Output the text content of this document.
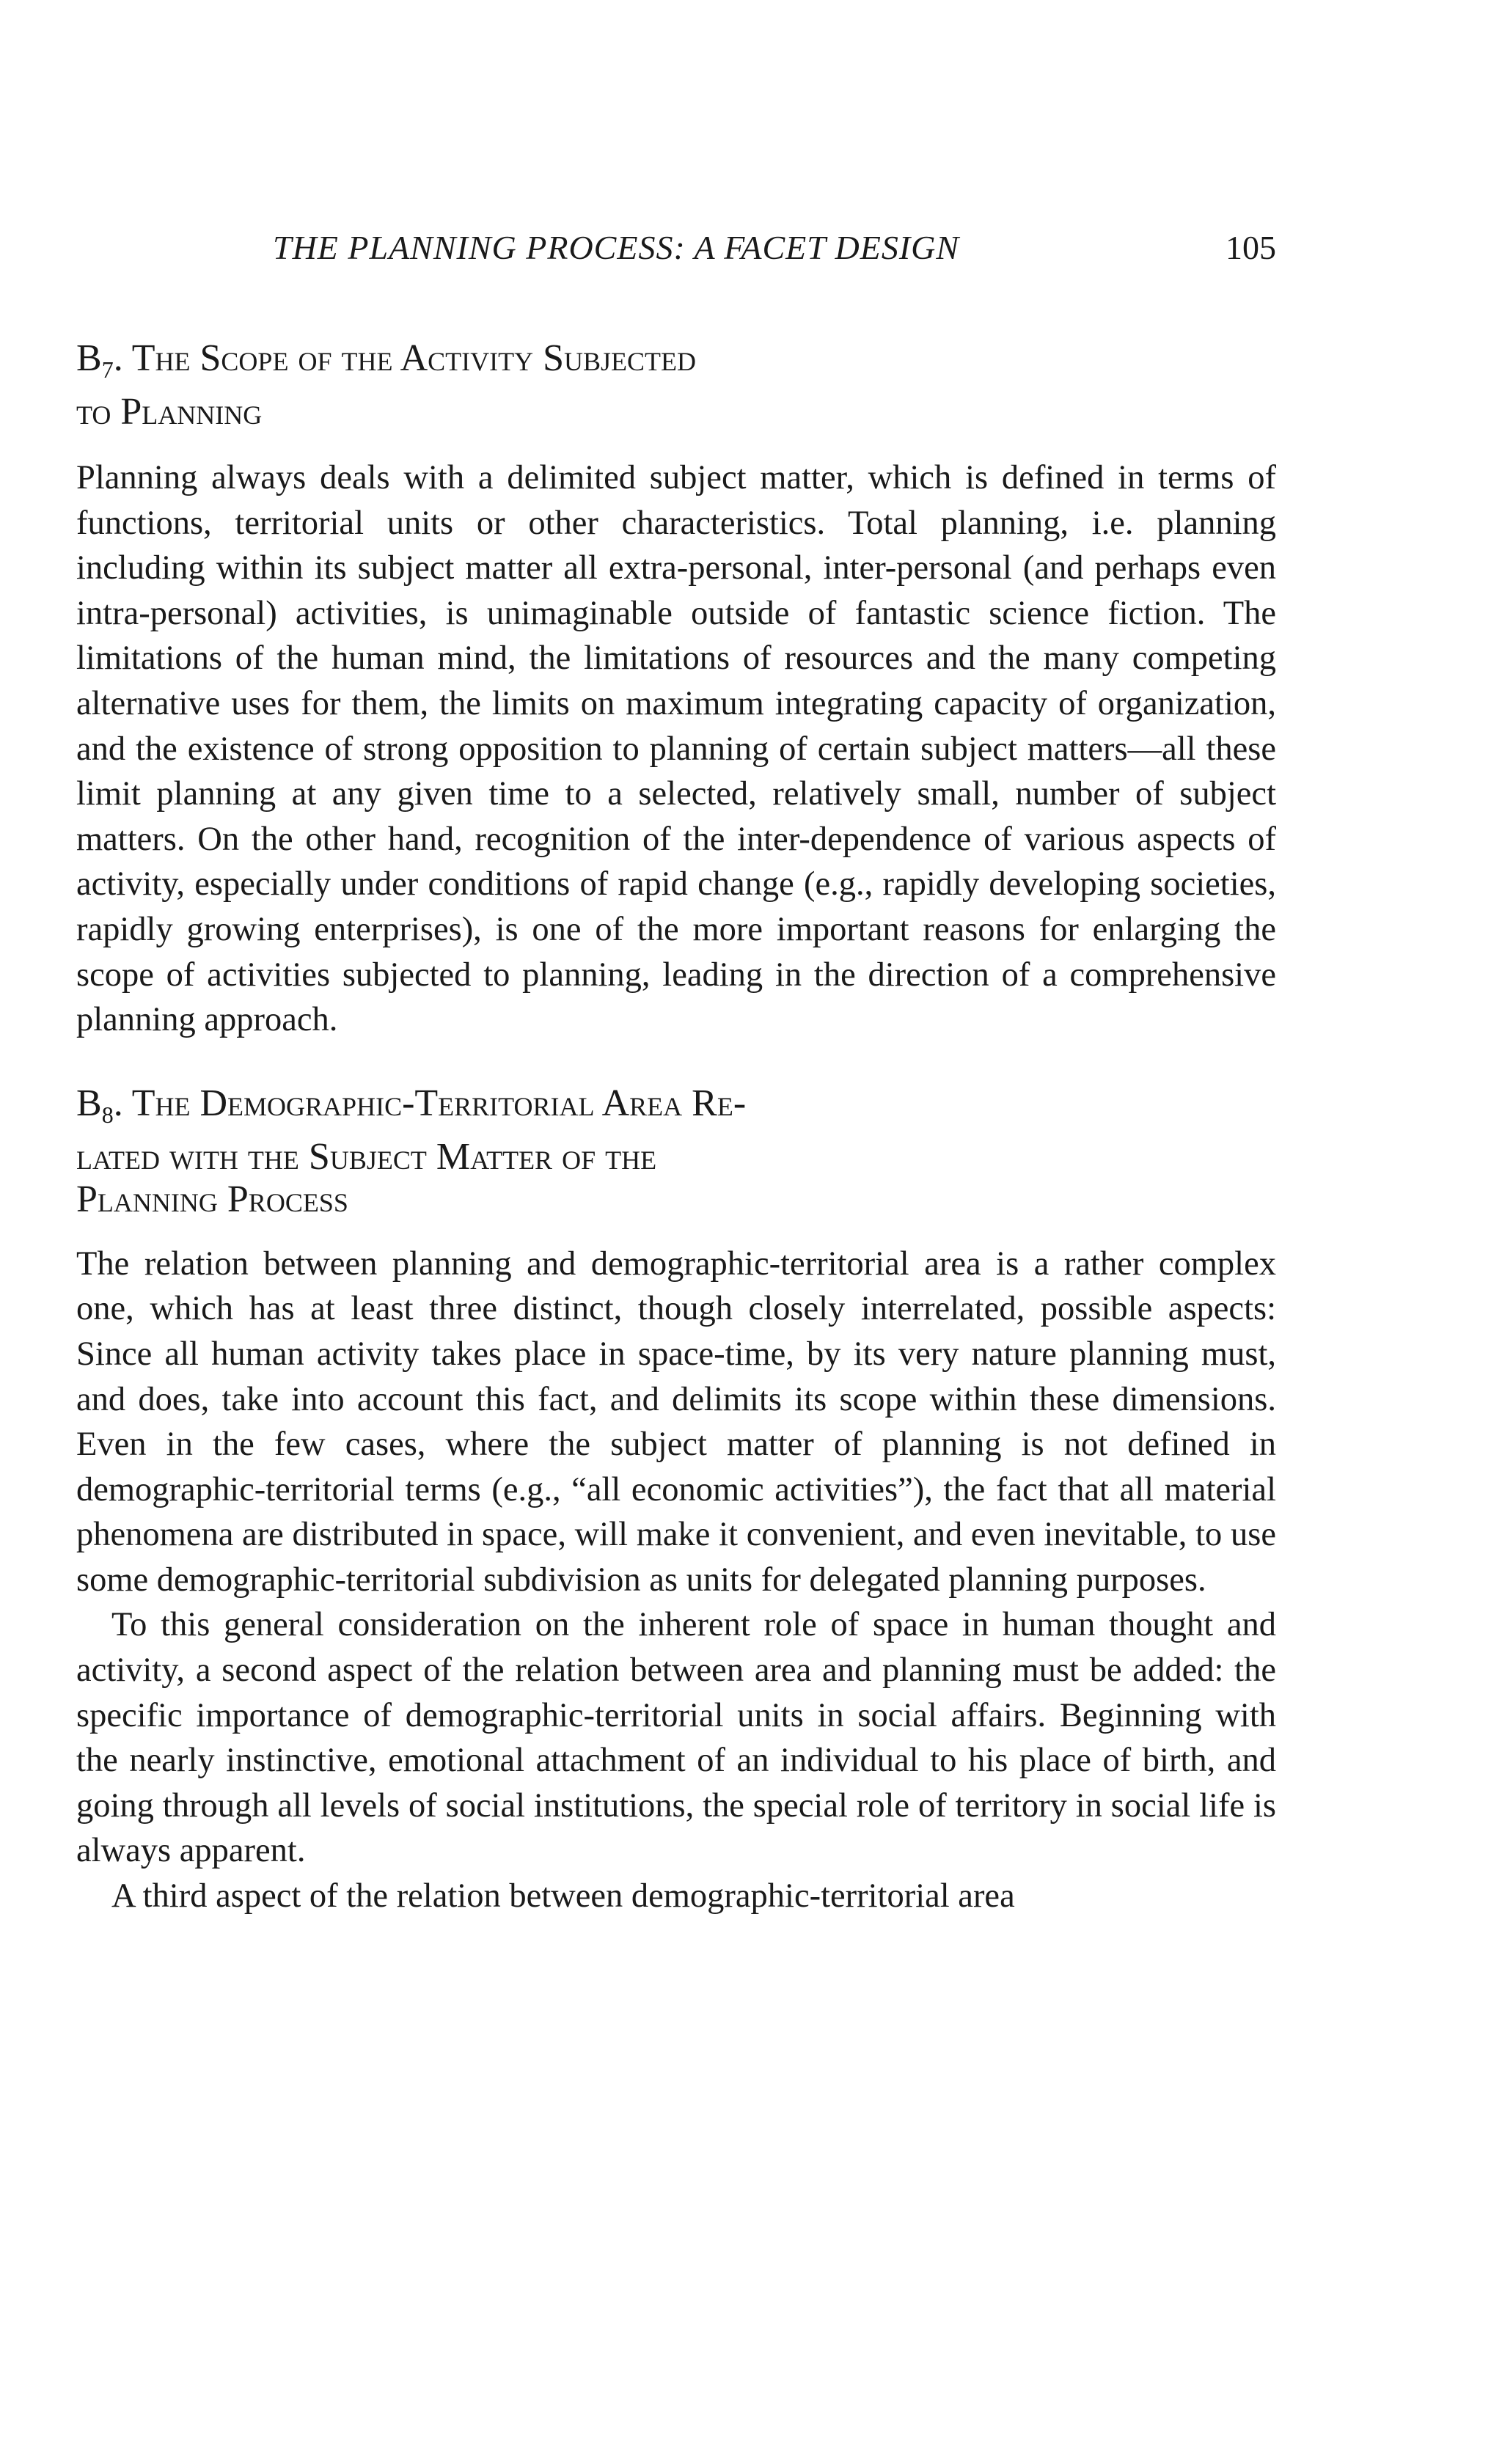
THE PLANNING PROCESS: A FACET DESIGN	105
$B_7$. The Scope of the Activity Subjected
to Planning

Planning always deals with a delimited subject matter, which is defined in terms of functions, territorial units or other characteristics. Total planning, i.e. planning including within its subject matter all extra-personal, inter-personal (and perhaps even intra-personal) activities, is unimaginable outside of fantastic science fiction. The limitations of the human mind, the limitations of resources and the many competing alternative uses for them, the limits on maximum integrating capacity of organization, and the existence of strong opposition to planning of certain subject matters—all these limit planning at any given time to a selected, relatively small, number of subject matters. On the other hand, recognition of the inter-dependence of various aspects of activity, especially under conditions of rapid change (e.g., rapidly developing societies, rapidly growing enterprises), is one of the more important reasons for enlarging the scope of activities subjected to planning, leading in the direction of a comprehensive planning approach.

$B_8$. The Demographic-Territorial Area Re-
lated with the Subject Matter of the
Planning Process

The relation between planning and demographic-territorial area is a rather complex one, which has at least three distinct, though closely interrelated, possible aspects: Since all human activity takes place in space-time, by its very nature planning must, and does, take into account this fact, and delimits its scope within these dimensions. Even in the few cases, where the subject matter of planning is not defined in demographic-territorial terms (e.g., “all economic activities”), the fact that all material phenomena are distributed in space, will make it convenient, and even inevitable, to use some demographic-territorial subdivision as units for delegated planning purposes.

To this general consideration on the inherent role of space in human thought and activity, a second aspect of the relation between area and planning must be added: the specific importance of demographic-territorial units in social affairs. Beginning with the nearly instinctive, emotional attachment of an individual to his place of birth, and going through all levels of social institutions, the special role of territory in social life is always apparent.

A third aspect of the relation between demographic-territorial area
